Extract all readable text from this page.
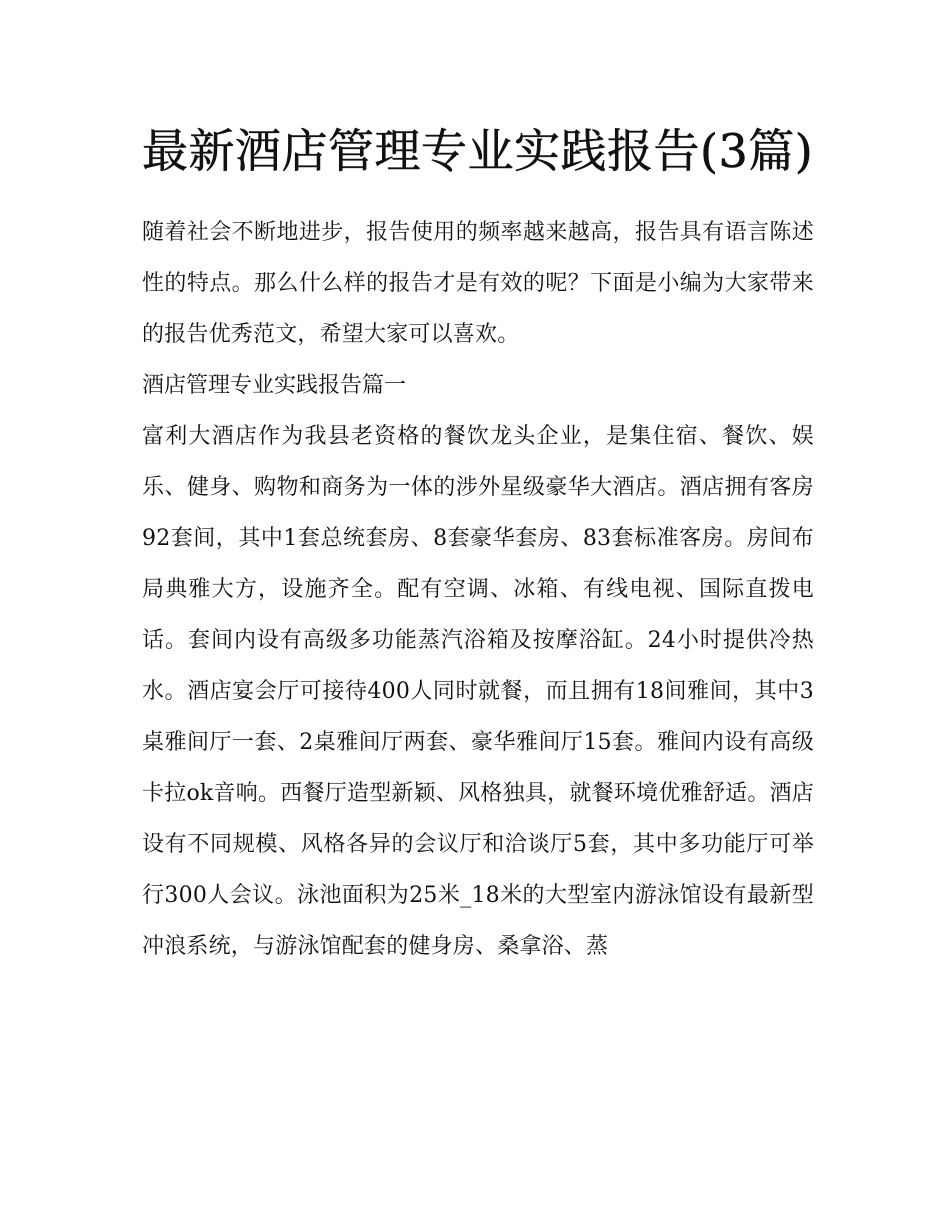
最新酒店管理专业实践报告(3篇)

随着社会不断地进步，报告使用的频率越来越高，报告具有语言陈述性的特点。那么什么样的报告才是有效的呢？下面是小编为大家带来的报告优秀范文，希望大家可以喜欢。

酒店管理专业实践报告篇一

富利大酒店作为我县老资格的餐饮龙头企业，是集住宿、餐饮、娱乐、健身、购物和商务为一体的涉外星级豪华大酒店。酒店拥有客房92套间，其中1套总统套房、8套豪华套房、83套标准客房。房间布局典雅大方，设施齐全。配有空调、冰箱、有线电视、国际直拨电话。套间内设有高级多功能蒸汽浴箱及按摩浴缸。24小时提供冷热水。酒店宴会厅可接待400人同时就餐，而且拥有18间雅间，其中3桌雅间厅一套、2桌雅间厅两套、豪华雅间厅15套。雅间内设有高级卡拉ok音响。西餐厅造型新颖、风格独具，就餐环境优雅舒适。酒店设有不同规模、风格各异的会议厅和洽谈厅5套，其中多功能厅可举行300人会议。泳池面积为25米_18米的大型室内游泳馆设有最新型冲浪系统，与游泳馆配套的健身房、桑拿浴、蒸
